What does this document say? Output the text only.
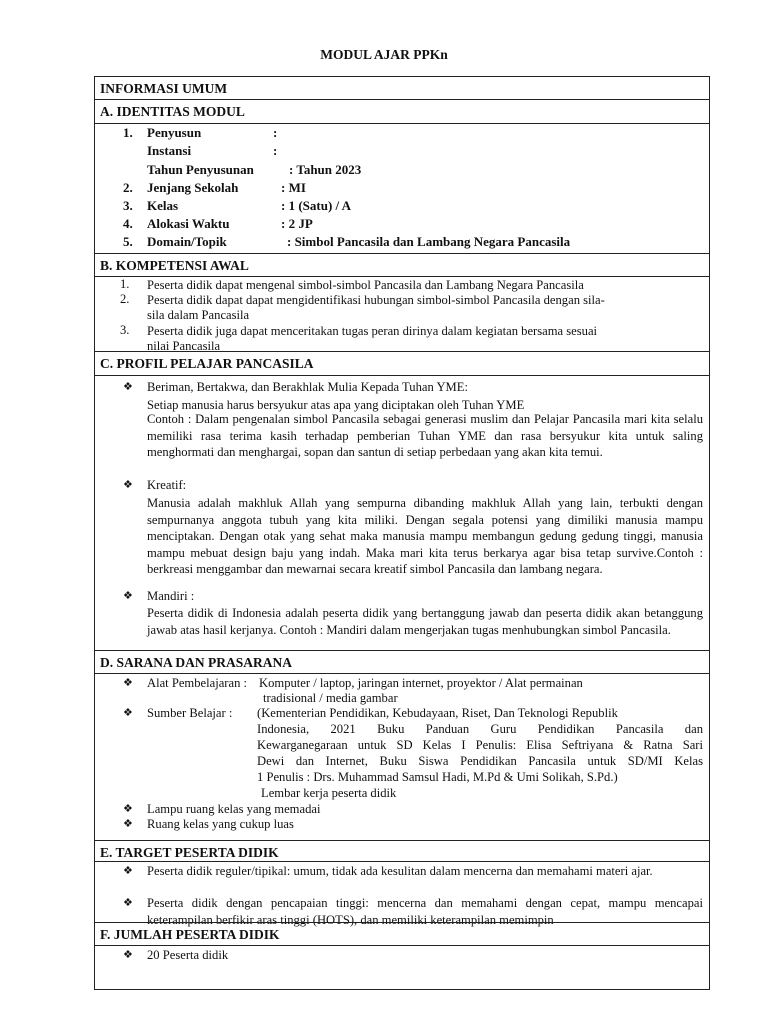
MODUL AJAR PPKn
INFORMASI UMUM
A. IDENTITAS MODUL
1. Penyusun	:
Instansi	:
Tahun Penyusunan	: Tahun 2023
2. Jenjang Sekolah	: MI
3. Kelas	: 1 (Satu) / A
4. Alokasi Waktu	: 2 JP
5. Domain/Topik	: Simbol Pancasila dan Lambang Negara Pancasila
B. KOMPETENSI AWAL
1. Peserta didik dapat mengenal simbol-simbol Pancasila dan Lambang Negara Pancasila
2. Peserta didik dapat dapat mengidentifikasi hubungan simbol-simbol Pancasila dengan sila-
sila dalam Pancasila
3. Peserta didik juga dapat menceritakan tugas peran dirinya dalam kegiatan bersama sesuai
nilai Pancasila
C. PROFIL PELAJAR PANCASILA
❖ Beriman, Bertakwa, dan Berakhlak Mulia Kepada Tuhan YME:
Setiap manusia harus bersyukur atas apa yang diciptakan oleh Tuhan YME
Contoh : Dalam pengenalan simbol Pancasila sebagai generasi muslim dan Pelajar Pancasila mari kita selalu memiliki rasa terima kasih terhadap pemberian Tuhan YME dan rasa bersyukur kita untuk saling menghormati dan menghargai, sopan dan santun di setiap perbedaan yang akan kita temui.
❖ Kreatif:
Manusia adalah makhluk Allah yang sempurna dibanding makhluk Allah yang lain, terbukti dengan sempurnanya anggota tubuh yang kita miliki. Dengan segala potensi yang dimiliki manusia mampu menciptakan. Dengan otak yang sehat maka manusia mampu membangun gedung gedung tinggi, manusia mampu mebuat design baju yang indah. Maka mari kita terus berkarya agar bisa tetap survive.Contoh : berkreasi menggambar dan mewarnai secara kreatif simbol Pancasila dan lambang negara.
❖ Mandiri :
Peserta didik di Indonesia adalah peserta didik yang bertanggung jawab dan peserta didik akan betanggung jawab atas hasil kerjanya. Contoh : Mandiri dalam mengerjakan tugas menhubungkan simbol Pancasila.
D. SARANA DAN PRASARANA
❖ Alat Pembelajaran : Komputer / laptop, jaringan internet, proyektor / Alat permainan
tradisional / media gambar
❖ Sumber Belajar : (Kementerian Pendidikan, Kebudayaan, Riset, Dan Teknologi Republik
Indonesia, 2021 Buku Panduan Guru Pendidikan Pancasila dan
Kewarganegaraan untuk SD Kelas I Penulis: Elisa Seftriyana & Ratna Sari
Dewi dan Internet, Buku Siswa Pendidikan Pancasila untuk SD/MI Kelas
1 Penulis : Drs. Muhammad Samsul Hadi, M.Pd & Umi Solikah, S.Pd.)
Lembar kerja peserta didik
❖ Lampu ruang kelas yang memadai
❖ Ruang kelas yang cukup luas
E. TARGET PESERTA DIDIK
❖ Peserta didik reguler/tipikal: umum, tidak ada kesulitan dalam mencerna dan memahami materi ajar.
❖ Peserta didik dengan pencapaian tinggi: mencerna dan memahami dengan cepat, mampu mencapai keterampilan berfikir aras tinggi (HOTS), dan memiliki keterampilan memimpin
F. JUMLAH PESERTA DIDIK
❖ 20 Peserta didik
